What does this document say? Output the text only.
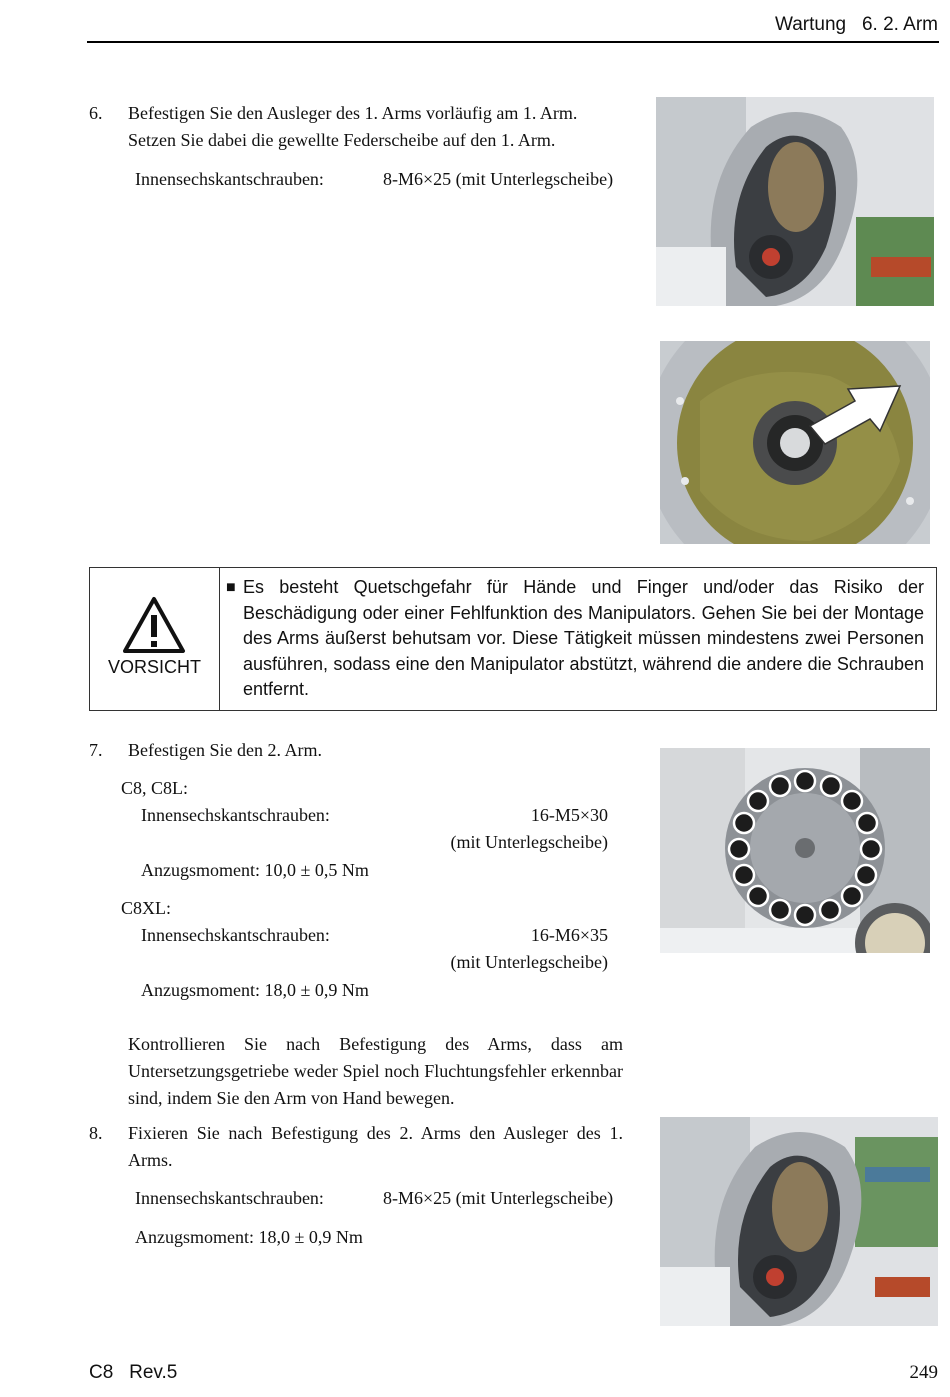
Wartung 6. 2. Arm
6. Befestigen Sie den Ausleger des 1. Arms vorläufig am 1. Arm.
Setzen Sie dabei die gewellte Federscheibe auf den 1. Arm.
Innensechskantschrauben:	8-M6×25 (mit Unterlegscheibe)
VORSICHT
■ Es besteht Quetschgefahr für Hände und Finger und/oder das Risiko der Beschädigung oder einer Fehlfunktion des Manipulators. Gehen Sie bei der Montage des Arms äußerst behutsam vor. Diese Tätigkeit müssen mindestens zwei Personen ausführen, sodass eine den Manipulator abstützt, während die andere die Schrauben entfernt.
7. Befestigen Sie den 2. Arm.
C8, C8L:
Innensechskantschrauben:	16-M5×30
(mit Unterlegscheibe)
Anzugsmoment: 10,0 ± 0,5 Nm
C8XL:
Innensechskantschrauben:	16-M6×35
(mit Unterlegscheibe)
Anzugsmoment: 18,0 ± 0,9 Nm
Kontrollieren Sie nach Befestigung des Arms, dass am Untersetzungsgetriebe weder Spiel noch Fluchtungsfehler erkennbar sind, indem Sie den Arm von Hand bewegen.
8. Fixieren Sie nach Befestigung des 2. Arms den Ausleger des 1. Arms.
Innensechskantschrauben:	8-M6×25 (mit Unterlegscheibe)
Anzugsmoment: 18,0 ± 0,9 Nm
C8 Rev.5	249
